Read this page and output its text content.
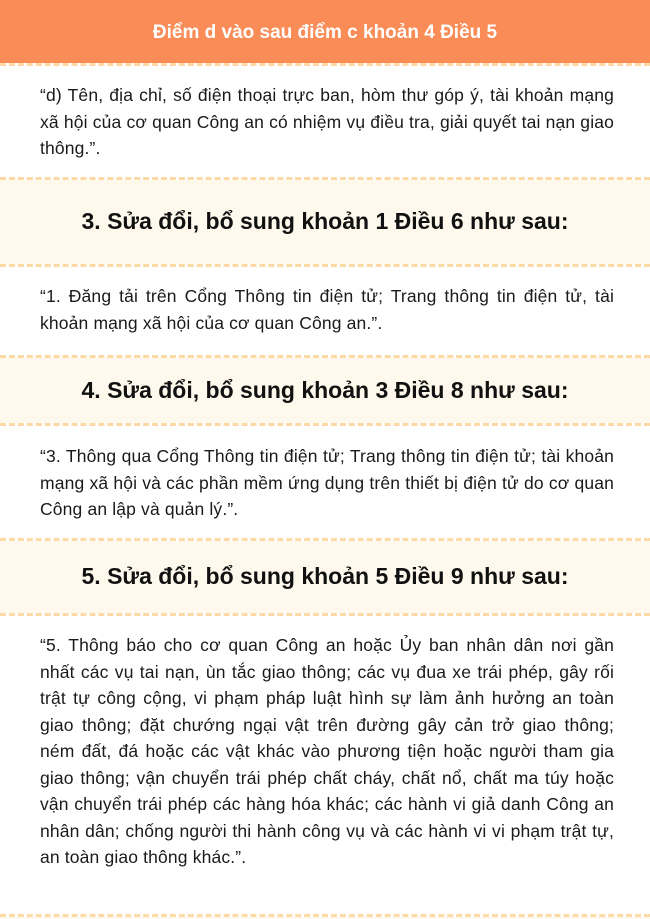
Điểm d vào sau điểm c khoản 4 Điều 5

“d) Tên, địa chỉ, số điện thoại trực ban, hòm thư góp ý, tài khoản mạng xã hội của cơ quan Công an có nhiệm vụ điều tra, giải quyết tai nạn giao thông.”.

3. Sửa đổi, bổ sung khoản 1 Điều 6 như sau:

“1. Đăng tải trên Cổng Thông tin điện tử; Trang thông tin điện tử, tài khoản mạng xã hội của cơ quan Công an.”.

4. Sửa đổi, bổ sung khoản 3 Điều 8 như sau:

“3. Thông qua Cổng Thông tin điện tử; Trang thông tin điện tử; tài khoản mạng xã hội và các phần mềm ứng dụng trên thiết bị điện tử do cơ quan Công an lập và quản lý.”.

5. Sửa đổi, bổ sung khoản 5 Điều 9 như sau:

“5. Thông báo cho cơ quan Công an hoặc Ủy ban nhân dân nơi gần nhất các vụ tai nạn, ùn tắc giao thông; các vụ đua xe trái phép, gây rối trật tự công cộng, vi phạm pháp luật hình sự làm ảnh hưởng an toàn giao thông; đặt chướng ngại vật trên đường gây cản trở giao thông; ném đất, đá hoặc các vật khác vào phương tiện hoặc người tham gia giao thông; vận chuyển trái phép chất cháy, chất nổ, chất ma túy hoặc vận chuyển trái phép các hàng hóa khác; các hành vi giả danh Công an nhân dân; chống người thi hành công vụ và các hành vi vi phạm trật tự, an toàn giao thông khác.”.
